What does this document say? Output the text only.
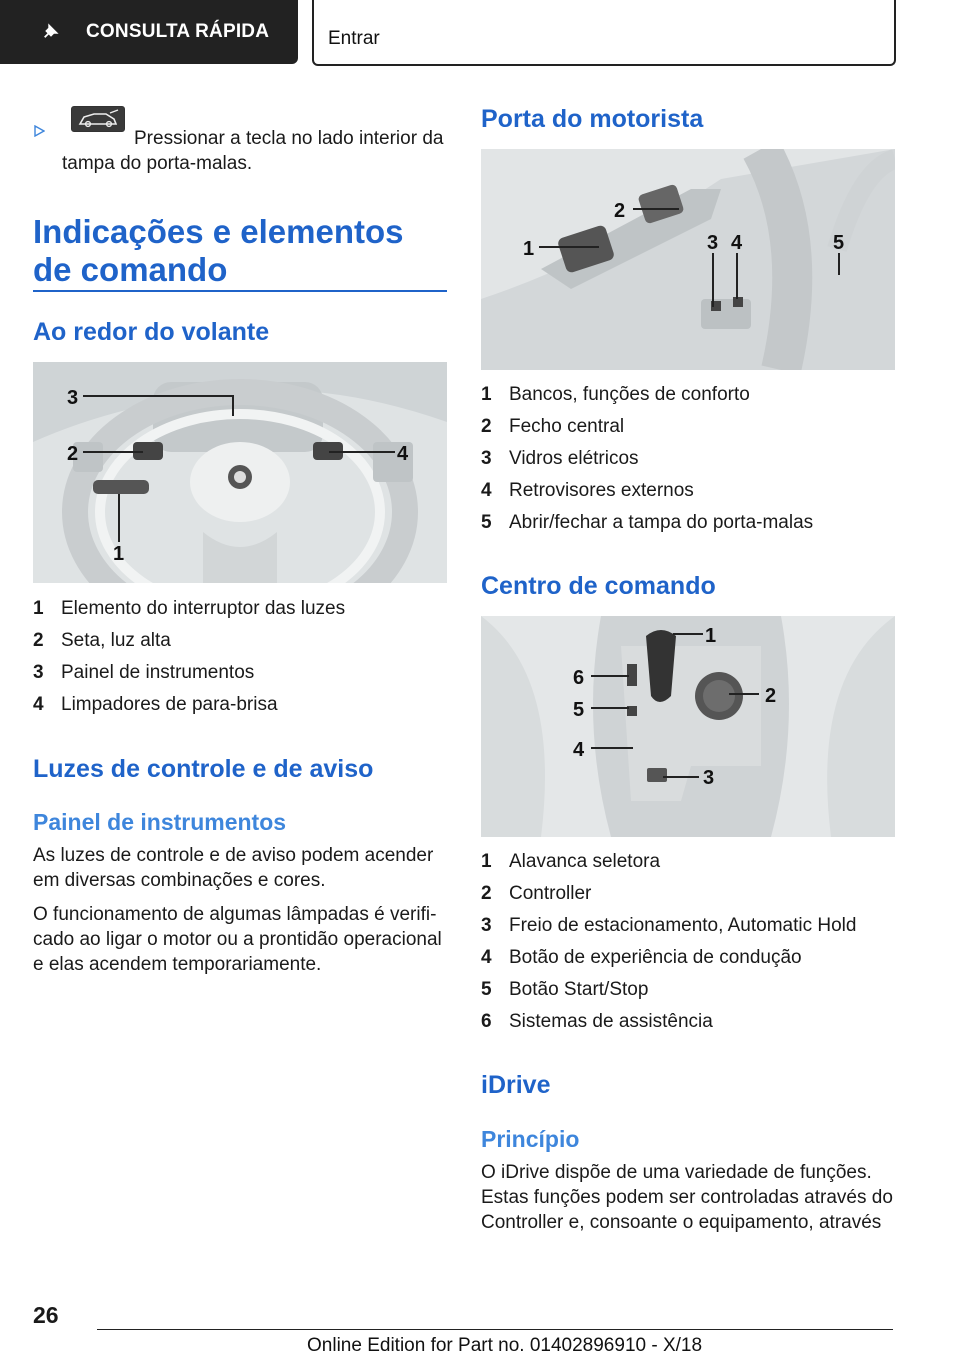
CONSULTA RÁPIDA	Entrar
Pressionar a tecla no lado interior da tampa do porta-malas.
Indicações e elementos de comando
Ao redor do volante
3
2	4
1
1 Elemento do interruptor das luzes
2 Seta, luz alta
3 Painel de instrumentos
4 Limpadores de para-brisa
Luzes de controle e de aviso
Painel de instrumentos
As luzes de controle e de aviso podem acender em diversas combinações e cores.
O funcionamento de algumas lâmpadas é verificado ao ligar o motor ou a prontidão operacional e elas acendem temporariamente.
Porta do motorista
1
2
3 4	5
1 Bancos, funções de conforto
2 Fecho central
3 Vidros elétricos
4 Retrovisores externos
5 Abrir/fechar a tampa do porta-malas
Centro de comando
1
2
3
4
5
6
1 Alavanca seletora
2 Controller
3 Freio de estacionamento, Automatic Hold
4 Botão de experiência de condução
5 Botão Start/Stop
6 Sistemas de assistência
iDrive
Princípio
O iDrive dispõe de uma variedade de funções. Estas funções podem ser controladas através do Controller e, consoante o equipamento, através
26
Online Edition for Part no. 01402896910 - X/18
